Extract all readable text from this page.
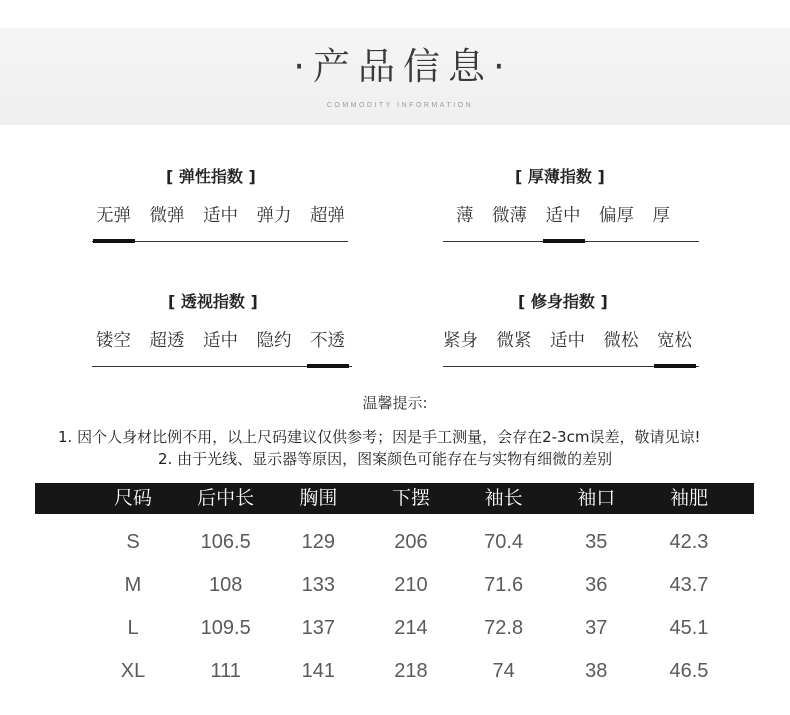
·产品信息·
COMMODITY INFORMATION
[ 弹性指数 ]
无弹 微弹 适中 弹力 超弹
[ 厚薄指数 ]
薄 微薄 适中 偏厚 厚
[ 透视指数 ]
镂空 超透 适中 隐约 不透
[ 修身指数 ]
紧身 微紧 适中 微松 宽松
温馨提示:
1. 因个人身材比例不用，以上尺码建议仅供参考；因是手工测量，会存在2-3cm误差，敬请见谅!
2. 由于光线、显示器等原因，图案颜色可能存在与实物有细微的差别
尺码	后中长	胸围	下摆	袖长	袖口	袖肥
S	106.5	129	206	70.4	35	42.3
M	108	133	210	71.6	36	43.7
L	109.5	137	214	72.8	37	45.1
XL	111	141	218	74	38	46.5
